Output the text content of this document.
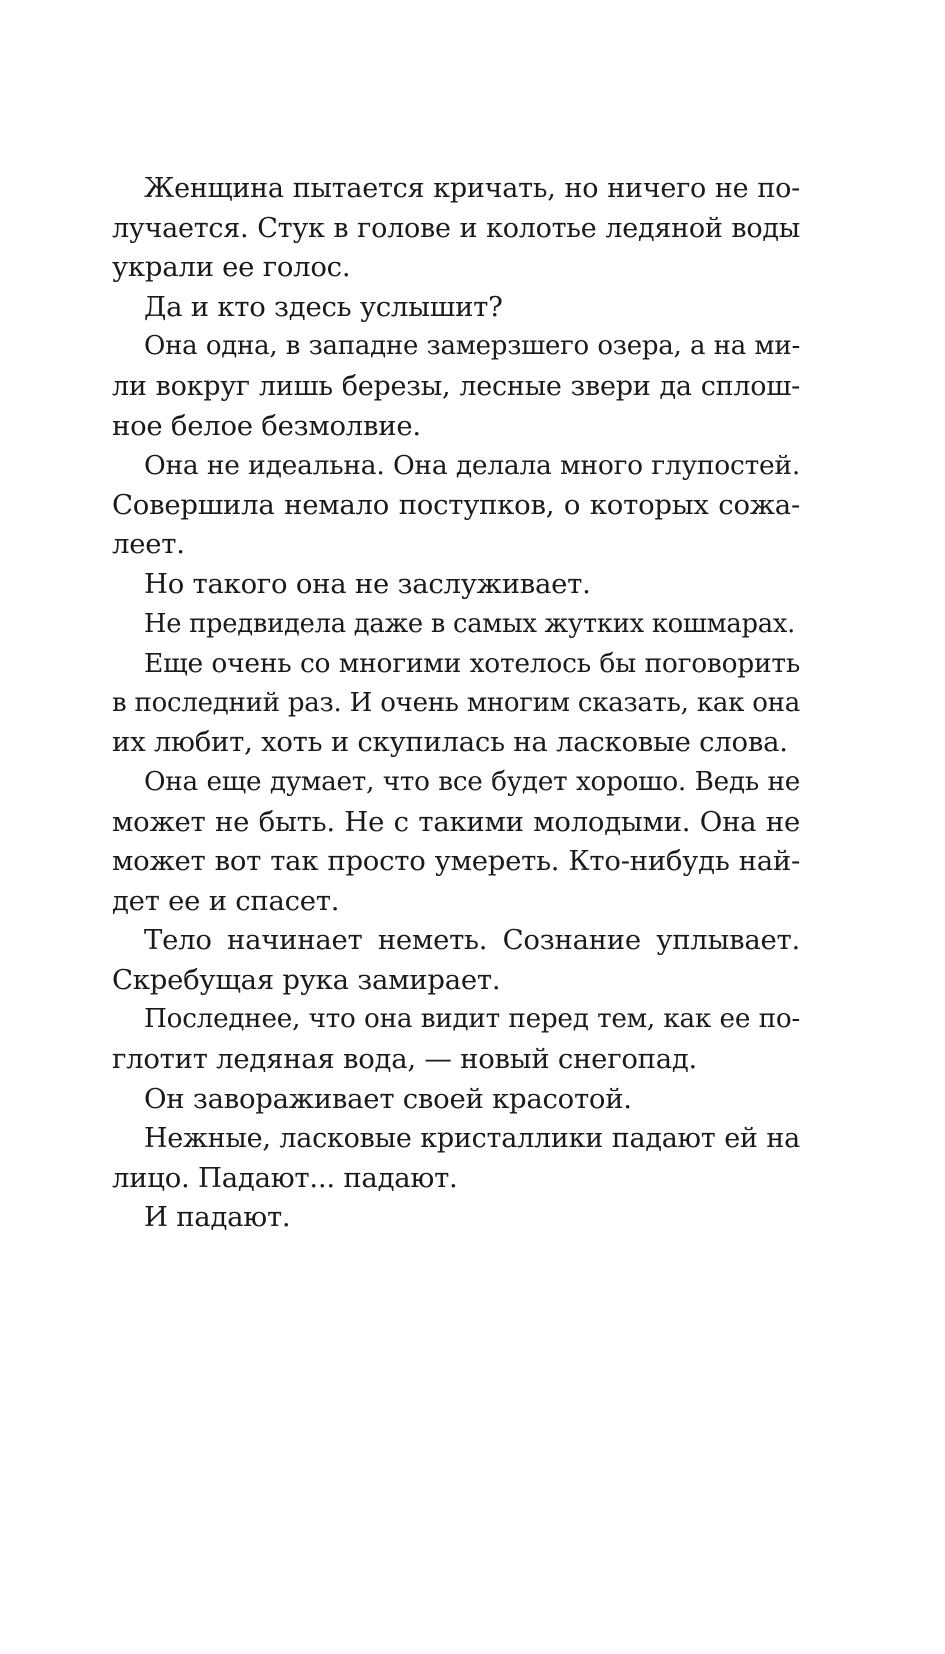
Женщина пытается кричать, но ничего не по-
лучается. Стук в голове и колотье ледяной воды
украли ее голос.
Да и кто здесь услышит?
Она одна, в западне замерзшего озера, а на ми-
ли вокруг лишь березы, лесные звери да сплош-
ное белое безмолвие.
Она не идеальна. Она делала много глупостей.
Совершила немало поступков, о которых сожа-
леет.
Но такого она не заслуживает.
Не предвидела даже в самых жутких кошмарах.
Еще очень со многими хотелось бы поговорить
в последний раз. И очень многим сказать, как она
их любит, хоть и скупилась на ласковые слова.
Она еще думает, что все будет хорошо. Ведь не
может не быть. Не с такими молодыми. Она не
может вот так просто умереть. Кто-нибудь най-
дет ее и спасет.
Тело начинает неметь. Сознание уплывает.
Скребущая рука замирает.
Последнее, что она видит перед тем, как ее по-
глотит ледяная вода, — новый снегопад.
Он завораживает своей красотой.
Нежные, ласковые кристаллики падают ей на
лицо. Падают... падают.
И падают.
